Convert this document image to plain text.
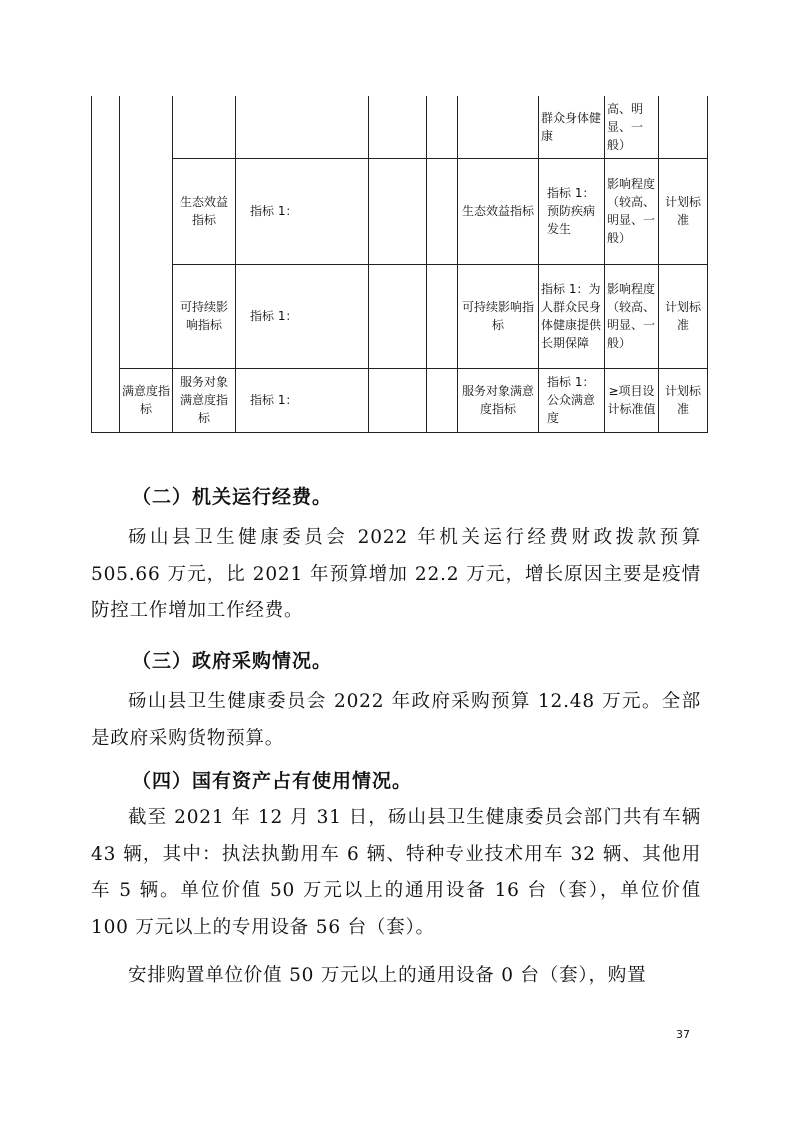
							群众身体健康	高、明显、一般）	
		生态效益指标	指标 1：			生态效益指标	指标 1：预防疾病发生	影响程度（较高、明显、一般）	计划标准
		可持续影响指标	指标 1：			可持续影响指标	指标 1：为人群众民身体健康提供长期保障	影响程度（较高、明显、一般）	计划标准
	满意度指标	服务对象满意度指标	指标 1：			服务对象满意度指标	指标 1：公众满意度	≥项目设计标准值	计划标准
（二）机关运行经费。

砀山县卫生健康委员会 2022 年机关运行经费财政拨款预算 505.66 万元，比 2021 年预算增加 22.2 万元，增长原因主要是疫情防控工作增加工作经费。

（三）政府采购情况。

砀山县卫生健康委员会 2022 年政府采购预算 12.48 万元。全部是政府采购货物预算。

（四）国有资产占有使用情况。

截至 2021 年 12 月 31 日，砀山县卫生健康委员会部门共有车辆 43 辆，其中：执法执勤用车 6 辆、特种专业技术用车 32 辆、其他用车 5 辆。单位价值 50 万元以上的通用设备 16 台（套），单位价值 100 万元以上的专用设备 56 台（套）。

安排购置单位价值 50 万元以上的通用设备 0 台（套），购置

37
